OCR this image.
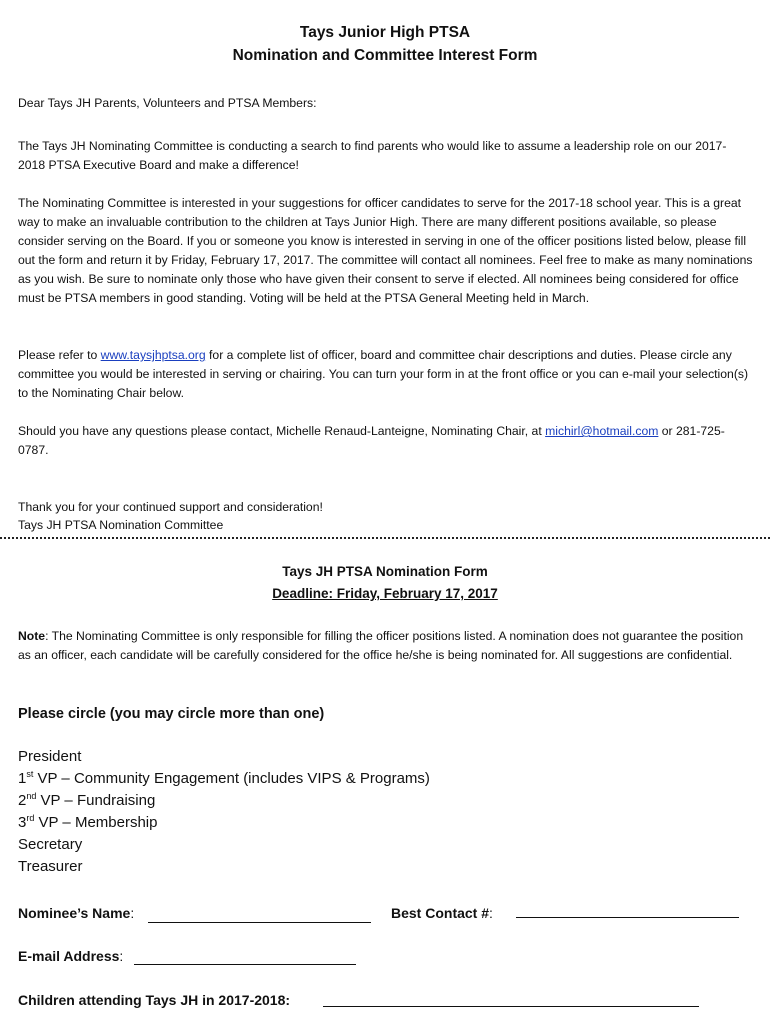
Tays Junior High PTSA
Nomination and Committee Interest Form

Dear Tays JH Parents, Volunteers and PTSA Members:

The Tays JH Nominating Committee is conducting a search to find parents who would like to assume a leadership role on our 2017-2018 PTSA Executive Board and make a difference!

The Nominating Committee is interested in your suggestions for officer candidates to serve for the 2017-18 school year. This is a great way to make an invaluable contribution to the children at Tays Junior High. There are many different positions available, so please consider serving on the Board. If you or someone you know is interested in serving in one of the officer positions listed below, please fill out the form and return it by Friday, February 17, 2017. The committee will contact all nominees. Feel free to make as many nominations as you wish. Be sure to nominate only those who have given their consent to serve if elected. All nominees being considered for office must be PTSA members in good standing. Voting will be held at the PTSA General Meeting held in March.

Please refer to www.taysjhptsa.org for a complete list of officer, board and committee chair descriptions and duties. Please circle any committee you would be interested in serving or chairing. You can turn your form in at the front office or you can e-mail your selection(s) to the Nominating Chair below.

Should you have any questions please contact, Michelle Renaud-Lanteigne, Nominating Chair, at michirl@hotmail.com or 281-725-0787.

Thank you for your continued support and consideration!

Tays JH PTSA Nomination Committee

Tays JH PTSA Nomination Form
Deadline: Friday, February 17, 2017

Note: The Nominating Committee is only responsible for filling the officer positions listed. A nomination does not guarantee the position as an officer, each candidate will be carefully considered for the office he/she is being nominated for. All suggestions are confidential.

Please circle (you may circle more than one)
President
1st VP – Community Engagement (includes VIPS & Programs)
2nd VP – Fundraising
3rd VP – Membership
Secretary
Treasurer
Nominee’s Name:	Best Contact #:
E-mail Address:
Children attending Tays JH in 2017-2018:
